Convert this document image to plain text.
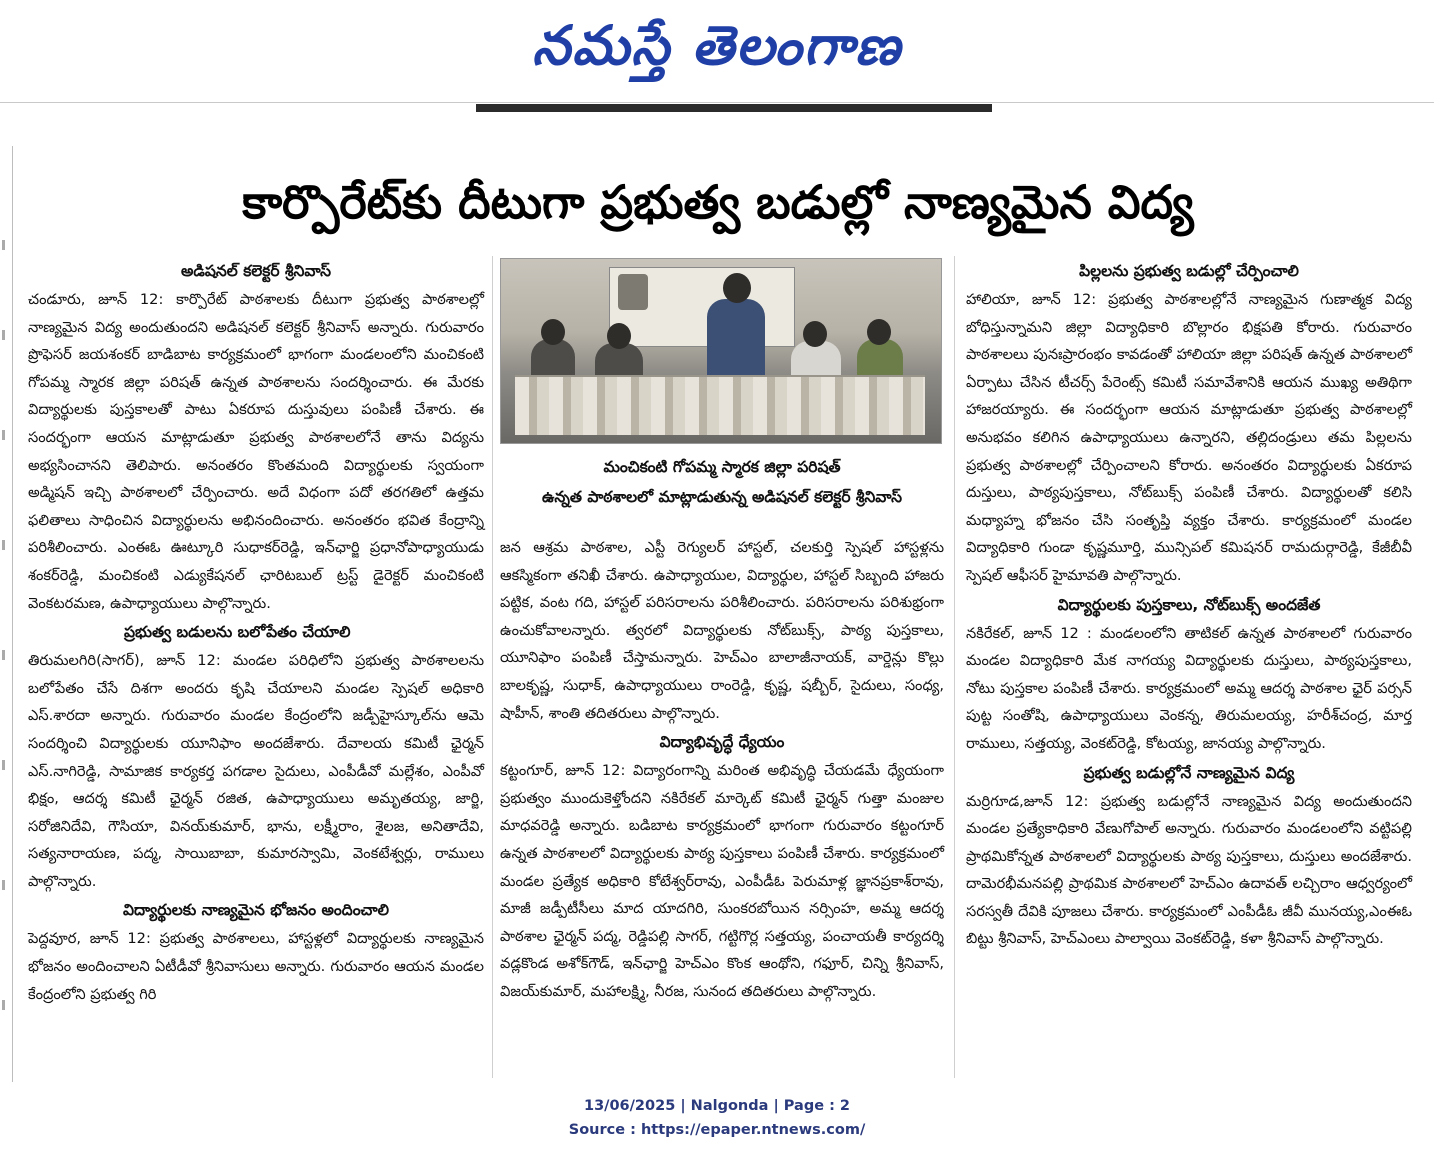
నమస్తే తెలంగాణ
కార్పొరేట్‌కు దీటుగా ప్రభుత్వ బడుల్లో నాణ్యమైన విద్య
అడిషనల్ కలెక్టర్ శ్రీనివాస్

చండూరు, జూన్ 12: కార్పొరేట్ పాఠశాలకు దీటుగా ప్రభుత్వ పాఠశాలల్లో నాణ్యమైన విద్య అందుతుందని అడిషనల్ కలెక్టర్ శ్రీనివాస్ అన్నారు. గురువారం ప్రొఫెసర్ జయశంకర్ బాడిబాట కార్యక్రమంలో భాగంగా మండలంలోని మంచికంటి గోపమ్మ స్మారక జిల్లా పరిషత్ ఉన్నత పాఠశాలను సందర్శించారు. ఈ మేరకు విద్యార్థులకు పుస్తకాలతో పాటు ఏకరూప దుస్తువులు పంపిణీ చేశారు. ఈ సందర్భంగా ఆయన మాట్లాడుతూ ప్రభుత్వ పాఠశాలలోనే తాను విద్యను అభ్యసించానని తెలిపారు. అనంతరం కొంతమంది విద్యార్థులకు స్వయంగా అడ్మిషన్ ఇచ్చి పాఠశాలలో చేర్పించారు. అదే విధంగా పదో తరగతిలో ఉత్తమ ఫలితాలు సాధించిన విద్యార్థులను అభినందించారు. అనంతరం భవిత కేంద్రాన్ని పరిశీలించారు. ఎంఈఓ ఊట్కూరి సుధాకర్‌రెడ్డి, ఇన్‌ఛార్జి ప్రధానోపాధ్యాయుడు శంకర్‌రెడ్డి, మంచికంటి ఎడ్యుకేషనల్ ఛారిటబుల్ ట్రస్ట్ డైరెక్టర్ మంచికంటి వెంకటరమణ, ఉపాధ్యాయులు పాల్గొన్నారు.

ప్రభుత్వ బడులను బలోపేతం చేయాలి

తిరుమలగిరి(సాగర్), జూన్ 12: మండల పరిధిలోని ప్రభుత్వ పాఠశాలలను బలోపేతం చేసే దిశగా అందరు కృషి చేయాలని మండల స్పెషల్ అధికారి ఎస్.శారదా అన్నారు. గురువారం మండల కేంద్రంలోని జడ్పీహైస్కూల్‌ను ఆమె సందర్శించి విద్యార్థులకు యూనిఫాం అందజేశారు. దేవాలయ కమిటీ ఛైర్మన్ ఎస్.నాగిరెడ్డి, సామాజిక కార్యకర్త పగడాల సైదులు, ఎంపీడీవో మల్లేశం, ఎంపీవో భిక్షం, ఆదర్శ కమిటీ ఛైర్మన్ రజిత, ఉపాధ్యాయులు అమృతయ్య, జార్జి, సరోజినిదేవి, గౌసియా, వినయ్‌కుమార్, భాను, లక్ష్మీరాం, శైలజ, అనితాదేవి, సత్యనారాయణ, పద్మ, సాయిబాబా, కుమారస్వామి, వెంకటేశ్వర్లు, రాములు పాల్గొన్నారు.

విద్యార్థులకు నాణ్యమైన భోజనం అందించాలి

పెద్దవూర, జూన్ 12: ప్రభుత్వ పాఠశాలలు, హాస్టళ్లలో విద్యార్థులకు నాణ్యమైన భోజనం అందించాలని ఏటీడీవో శ్రీనివాసులు అన్నారు. గురువారం ఆయన మండల కేంద్రంలోని ప్రభుత్వ గిరి

మంచికంటి గోపమ్మ స్మారక జిల్లా పరిషత్
ఉన్నత పాఠశాలలో మాట్లాడుతున్న అడిషనల్ కలెక్టర్ శ్రీనివాస్

జన ఆశ్రమ పాఠశాల, ఎస్టీ రెగ్యులర్ హాస్టల్, చలకుర్తి స్పెషల్ హాస్టళ్లను ఆకస్మికంగా తనిఖీ చేశారు. ఉపాధ్యాయుల, విద్యార్థుల, హాస్టల్ సిబ్బంది హాజరు పట్టిక, వంట గది, హాస్టల్ పరిసరాలను పరిశీలించారు. పరిసరాలను పరిశుభ్రంగా ఉంచుకోవాలన్నారు. త్వరలో విద్యార్థులకు నోట్‌బుక్స్, పాఠ్య పుస్తకాలు, యూనిఫాం పంపిణీ చేస్తామన్నారు. హెచ్‌ఎం బాలాజీనాయక్, వార్డెన్లు కొల్లు బాలకృష్ణ, సుధాక్, ఉపాధ్యాయులు రాంరెడ్డి, కృష్ణ, షబ్బీర్, సైదులు, సంధ్య, షాహీన్, శాంతి తదితరులు పాల్గొన్నారు.

విద్యాభివృద్ధే ధ్యేయం

కట్టంగూర్, జూన్ 12: విద్యారంగాన్ని మరింత అభివృద్ధి చేయడమే ధ్యేయంగా ప్రభుత్వం ముందుకెళ్తోందని నకిరేకల్ మార్కెట్ కమిటీ ఛైర్మన్ గుత్తా మంజుల మాధవరెడ్డి అన్నారు. బడిబాట కార్యక్రమంలో భాగంగా గురువారం కట్టంగూర్ ఉన్నత పాఠశాలలో విద్యార్థులకు పాఠ్య పుస్తకాలు పంపిణీ చేశారు. కార్యక్రమంలో మండల ప్రత్యేక అధికారి కోటేశ్వర్‌రావు, ఎంపీడీఓ పెరుమాళ్ల జ్ఞానప్రకాశ్‌రావు, మాజీ జడ్పీటీసీలు మాద యాదగిరి, సుంకరబోయిన నర్సింహ, అమ్మ ఆదర్శ పాఠశాల ఛైర్మన్ పద్మ, రెడ్డిపల్లి సాగర్, గట్టిగొర్ల సత్తయ్య, పంచాయతీ కార్యదర్శి వడ్లకొండ అశోక్‌గౌడ్, ఇన్‌ఛార్జి హెచ్‌ఎం కొంక ఆంథోని, గఫూర్, చిన్ని శ్రీనివాస్, విజయ్‌కుమార్, మహాలక్ష్మి, నీరజ, సునంద తదితరులు పాల్గొన్నారు.

పిల్లలను ప్రభుత్వ బడుల్లో చేర్పించాలి

హాలియా, జూన్ 12: ప్రభుత్వ పాఠశాలల్లోనే నాణ్యమైన గుణాత్మక విద్య బోధిస్తున్నామని జిల్లా విద్యాధికారి బొల్లారం భిక్షపతి కోరారు. గురువారం పాఠశాలలు పునఃప్రారంభం కావడంతో హాలియా జిల్లా పరిషత్ ఉన్నత పాఠశాలలో ఏర్పాటు చేసిన టీచర్స్ పేరెంట్స్ కమిటీ సమావేశానికి ఆయన ముఖ్య అతిథిగా హాజరయ్యారు. ఈ సందర్భంగా ఆయన మాట్లాడుతూ ప్రభుత్వ పాఠశాలల్లో అనుభవం కలిగిన ఉపాధ్యాయులు ఉన్నారని, తల్లిదండ్రులు తమ పిల్లలను ప్రభుత్వ పాఠశాలల్లో చేర్పించాలని కోరారు. అనంతరం విద్యార్థులకు ఏకరూప దుస్తులు, పాఠ్యపుస్తకాలు, నోట్‌బుక్స్ పంపిణీ చేశారు. విద్యార్థులతో కలిసి మధ్యాహ్న భోజనం చేసి సంతృప్తి వ్యక్తం చేశారు. కార్యక్రమంలో మండల విద్యాధికారి గుండా కృష్ణమూర్తి, మున్సిపల్ కమిషనర్ రామదుర్గారెడ్డి, కేజీబీవీ స్పెషల్ ఆఫీసర్ హైమావతి పాల్గొన్నారు.

విద్యార్థులకు పుస్తకాలు, నోట్‌బుక్స్ అందజేత

నకిరేకల్, జూన్ 12 : మండలంలోని తాటికల్ ఉన్నత పాఠశాలలో గురువారం మండల విద్యాధికారి మేక నాగయ్య విద్యార్థులకు దుస్తులు, పాఠ్యపుస్తకాలు, నోటు పుస్తకాల పంపిణీ చేశారు. కార్యక్రమంలో అమ్మ ఆదర్శ పాఠశాల ఛైర్ పర్సన్ పుట్ట సంతోషి, ఉపాధ్యాయులు వెంకన్న, తిరుమలయ్య, హరీశ్‌చంద్ర, మార్త రాములు, సత్తయ్య, వెంకట్‌రెడ్డి, కోటయ్య, జానయ్య పాల్గొన్నారు.

ప్రభుత్వ బడుల్లోనే నాణ్యమైన విద్య

మర్రిగూడ,జూన్ 12: ప్రభుత్వ బడుల్లోనే నాణ్యమైన విద్య అందుతుందని మండల ప్రత్యేకాధికారి వేణుగోపాల్ అన్నారు. గురువారం మండలంలోని వట్టిపల్లి ప్రాథమికోన్నత పాఠశాలలో విద్యార్థులకు పాఠ్య పుస్తకాలు, దుస్తులు అందజేశారు. దామెరభీమనపల్లి ప్రాథమిక పాఠశాలలో హెచ్‌ఎం ఉదావత్ లచ్చిరాం ఆధ్వర్యంలో సరస్వతీ దేవికి పూజలు చేశారు. కార్యక్రమంలో ఎంపీడీఓ జీవీ మునయ్య,ఎంఈఓ బిట్టు శ్రీనివాస్, హెచ్‌ఎంలు పాల్వాయి వెంకట్‌రెడ్డి, కళా శ్రీనివాస్ పాల్గొన్నారు.

13/06/2025 | Nalgonda | Page : 2
Source : https://epaper.ntnews.com/
